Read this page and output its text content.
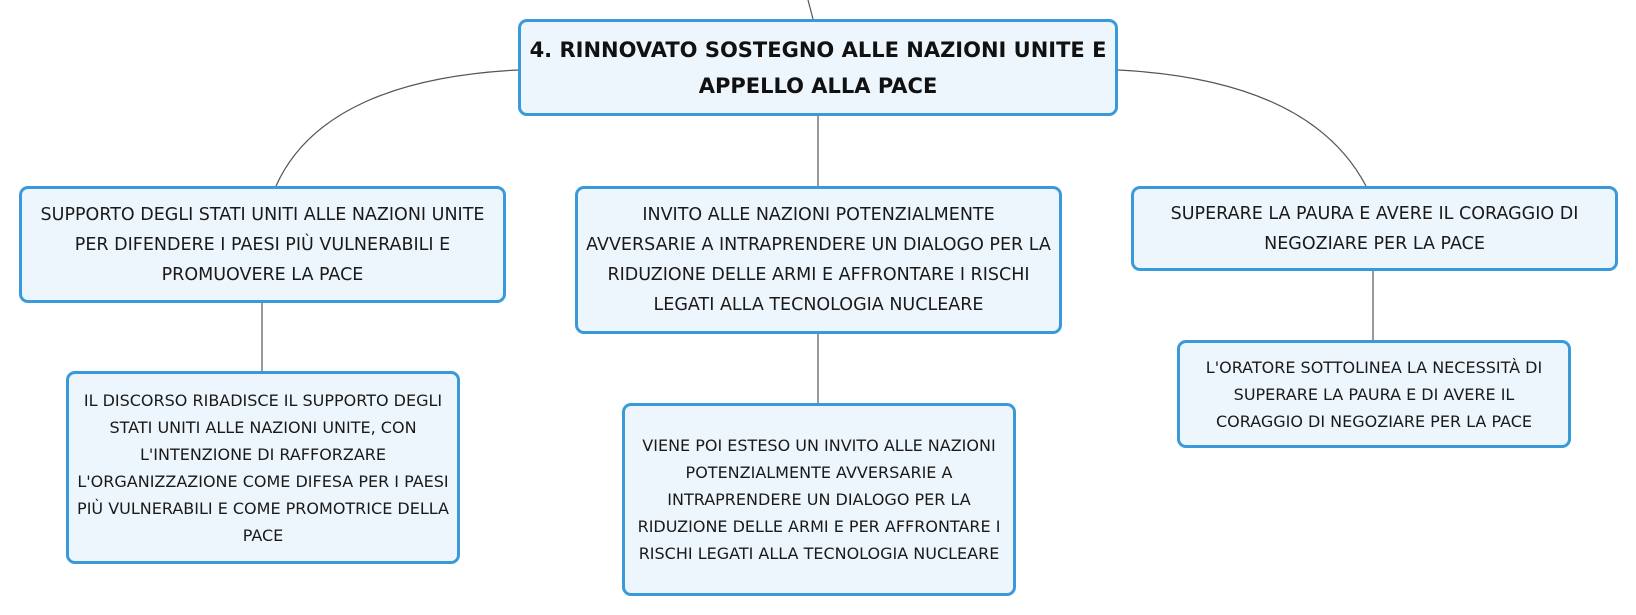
4. RINNOVATO SOSTEGNO ALLE NAZIONI UNITE E APPELLO ALLA PACE
SUPPORTO DEGLI STATI UNITI ALLE NAZIONI UNITE PER DIFENDERE I PAESI PIÙ VULNERABILI E PROMUOVERE LA PACE
INVITO ALLE NAZIONI POTENZIALMENTE AVVERSARIE A INTRAPRENDERE UN DIALOGO PER LA RIDUZIONE DELLE ARMI E AFFRONTARE I RISCHI LEGATI ALLA TECNOLOGIA NUCLEARE
SUPERARE LA PAURA E AVERE IL CORAGGIO DI NEGOZIARE PER LA PACE
IL DISCORSO RIBADISCE IL SUPPORTO DEGLI STATI UNITI ALLE NAZIONI UNITE, CON L'INTENZIONE DI RAFFORZARE L'ORGANIZZAZIONE COME DIFESA PER I PAESI PIÙ VULNERABILI E COME PROMOTRICE DELLA PACE
VIENE POI ESTESO UN INVITO ALLE NAZIONI POTENZIALMENTE AVVERSARIE A INTRAPRENDERE UN DIALOGO PER LA RIDUZIONE DELLE ARMI E PER AFFRONTARE I RISCHI LEGATI ALLA TECNOLOGIA NUCLEARE
L'ORATORE SOTTOLINEA LA NECESSITÀ DI SUPERARE LA PAURA E DI AVERE IL CORAGGIO DI NEGOZIARE PER LA PACE
